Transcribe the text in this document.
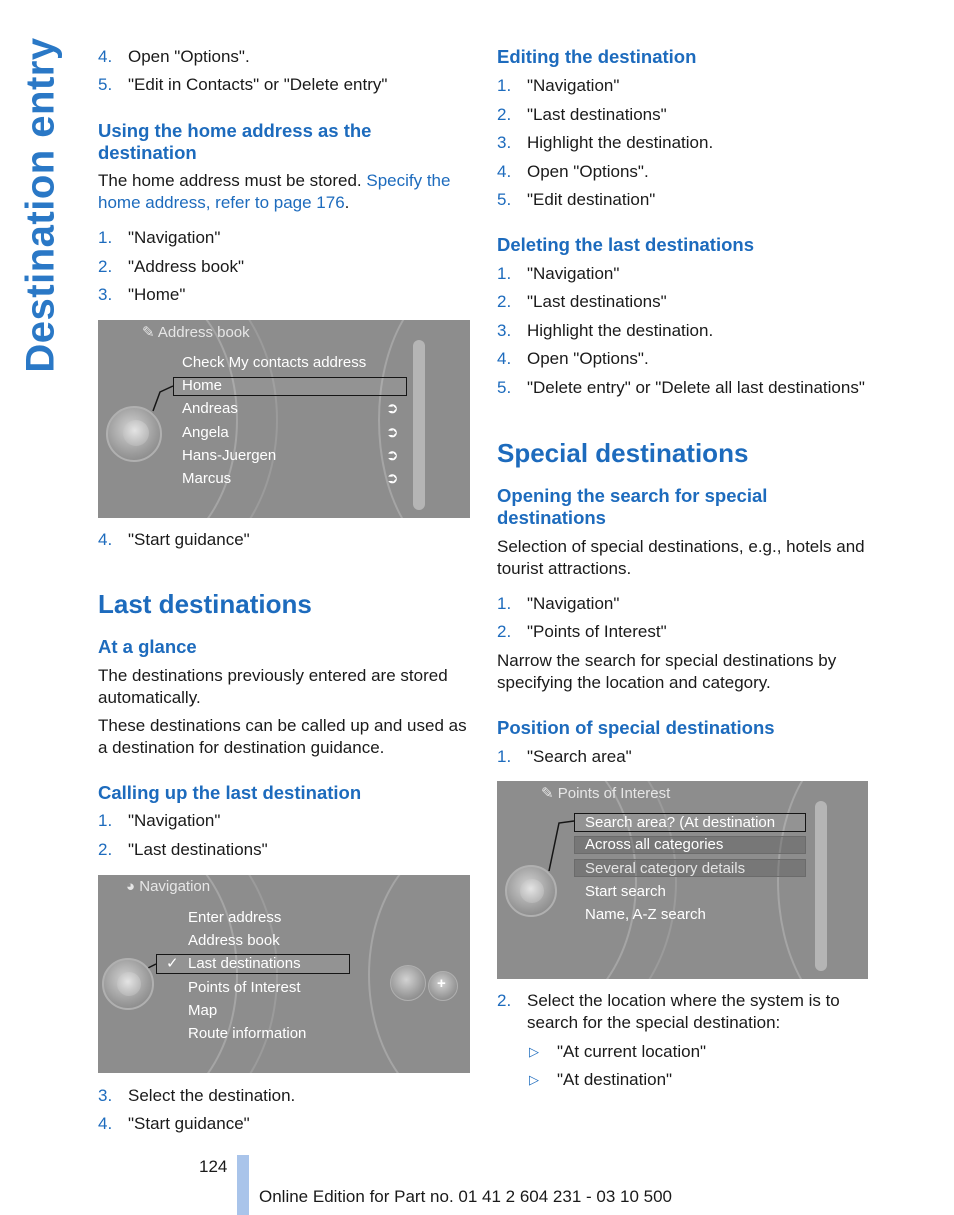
Destination entry 4. Open "Options".
5. "Edit in Contacts" or "Delete entry"
Using the home address as the destination
The home address must be stored. Specify the home address, refer to page 176.
1. "Navigation"
2. "Address book"
3. "Home"
✎ Address book
Check My contacts address
Home
Andreas
Angela
Hans-Juergen
Marcus
➲
➲
➲
➲
4. "Start guidance"
Last destinations
At a glance
The destinations previously entered are stored automatically.
These destinations can be called up and used as a destination for destination guidance.
Calling up the last destination
1. "Navigation"
2. "Last destinations"
◕ Navigation
Enter address
Address book
✓ Last destinations
Points of Interest
Map
Route information
+
3. Select the destination.
4. "Start guidance"
Editing the destination
1. "Navigation"
2. "Last destinations"
3. Highlight the destination.
4. Open "Options".
5. "Edit destination"
Deleting the last destinations
1. "Navigation"
2. "Last destinations"
3. Highlight the destination.
4. Open "Options".
5. "Delete entry" or "Delete all last destinations"
Special destinations
Opening the search for special destinations
Selection of special destinations, e.g., hotels and tourist attractions.
1. "Navigation"
2. "Points of Interest"
Narrow the search for special destinations by specifying the location and category.
Position of special destinations
1. "Search area"
✎ Points of Interest
Search area? (At destination
Across all categories
Several category details
Start search
Name, A-Z search
2. Select the location where the system is to search for the special destination:
▷ "At current location"
▷ "At destination"
124
Online Edition for Part no. 01 41 2 604 231 - 03 10 500
